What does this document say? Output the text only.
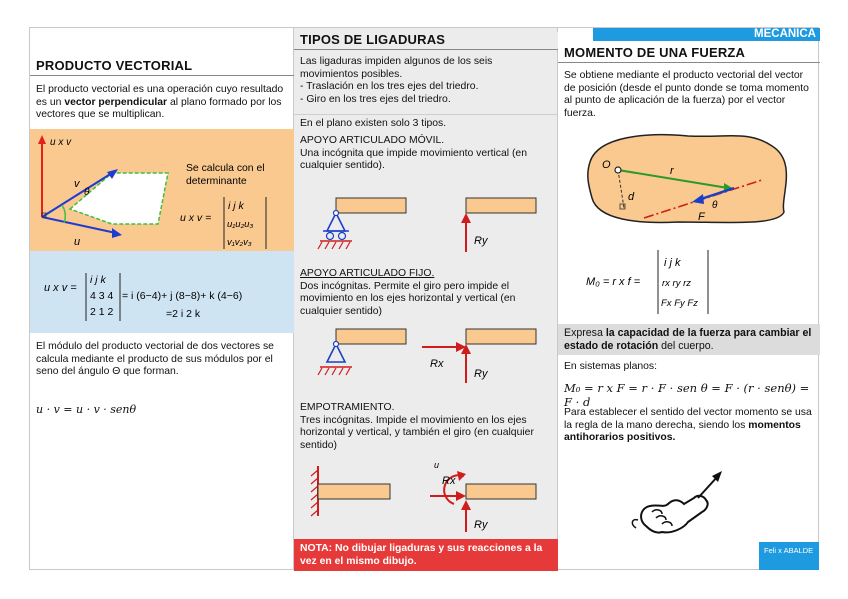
PRODUCTO VECTORIAL

El producto vectorial es una operación cuyo resultado es un vector perpendicular al plano formado por los vectores que se multiplican.

u x v
v
θ
u
Se calcula con el determinante
u x v =
i j k
u₁u₂u₃
v₁v₂v₃
u x v =
i j k
4 3 4
2 1 2
= i (6−4)+ j (8−8)+ k (4−6)
=2 i 2 k

El módulo del producto vectorial de dos vectores se calcula mediante el producto de sus módulos por el seno del ángulo Θ que forman.

u · v = u · v · senθ
TIPOS DE LIGADURAS
Las ligaduras impiden algunos de los seis movimientos posibles.
- Traslación en los tres ejes del triedro.
- Giro en los tres ejes del triedro.
En el plano existen solo 3 tipos.
APOYO ARTICULADO MÓVIL.
Una incógnita que impide movimiento vertical (en cualquier sentido).
Ry
APOYO ARTICULADO FIJO.
Dos incógnitas. Permite el giro pero impide el movimiento en los ejes horizontal y vertical (en cualquier sentido)
Rx
Ry
EMPOTRAMIENTO.
Tres incógnitas. Impide el movimiento en los ejes horizontal y vertical, y también el giro (en cualquier sentido)
u
Rx
Ry
NOTA: No dibujar ligaduras y sus reacciones a la vez en el mismo dibujo.
MECANICA
MOMENTO DE UNA FUERZA

Se obtiene mediante el producto vectorial del vector de posición (desde el punto donde se toma momento al punto de aplicación de la fuerza) por el vector fuerza.

O	r
θ
F
d
M₀ = r x f =
i j k
rx ry rz
Fx Fy Fz
Expresa la capacidad de la fuerza para cambiar el estado de rotación del cuerpo.
En sistemas planos:
M₀ = r x F = r · F · sen θ = F · (r · senθ) = F · d

Para establecer el sentido del vector momento se usa la regla de la mano derecha, siendo los momentos antihorarios positivos.

Feli x ABALDE
